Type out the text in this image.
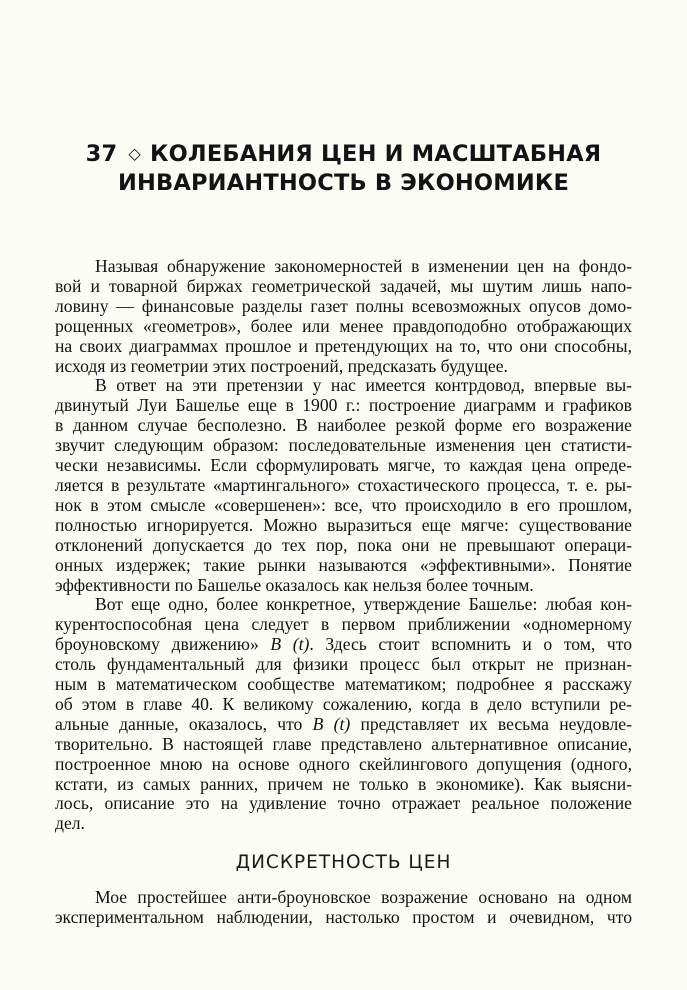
37 ◇ КОЛЕБАНИЯ ЦЕН И МАСШТАБНАЯ
ИНВАРИАНТНОСТЬ В ЭКОНОМИКЕ
Называя обнаружение закономерностей в изменении цен на фондо-
вой и товарной биржах геометрической задачей, мы шутим лишь напо-
ловину — финансовые разделы газет полны всевозможных опусов домо-
рощенных «геометров», более или менее правдоподобно отображающих
на своих диаграммах прошлое и претендующих на то, что они способны,
исходя из геометрии этих построений, предсказать будущее.
В ответ на эти претензии у нас имеется контрдовод, впервые вы-
двинутый Луи Башелье еще в 1900 г.: построение диаграмм и графиков
в данном случае бесполезно. В наиболее резкой форме его возражение
звучит следующим образом: последовательные изменения цен статисти-
чески независимы. Если сформулировать мягче, то каждая цена опреде-
ляется в результате «мартингального» стохастического процесса, т. е. ры-
нок в этом смысле «совершенен»: все, что происходило в его прошлом,
полностью игнорируется. Можно выразиться еще мягче: существование
отклонений допускается до тех пор, пока они не превышают операци-
онных издержек; такие рынки называются «эффективными». Понятие
эффективности по Башелье оказалось как нельзя более точным.
Вот еще одно, более конкретное, утверждение Башелье: любая кон-
курентоспособная цена следует в первом приближении «одномерному
броуновскому движению» B (t). Здесь стоит вспомнить и о том, что
столь фундаментальный для физики процесс был открыт не признан-
ным в математическом сообществе математиком; подробнее я расскажу
об этом в главе 40. К великому сожалению, когда в дело вступили ре-
альные данные, оказалось, что B (t) представляет их весьма неудовле-
творительно. В настоящей главе представлено альтернативное описание,
построенное мною на основе одного скейлингового допущения (одного,
кстати, из самых ранних, причем не только в экономике). Как выясни-
лось, описание это на удивление точно отражает реальное положение
дел.
ДИСКРЕТНОСТЬ ЦЕН
Мое простейшее анти-броуновское возражение основано на одном
экспериментальном наблюдении, настолько простом и очевидном, что
